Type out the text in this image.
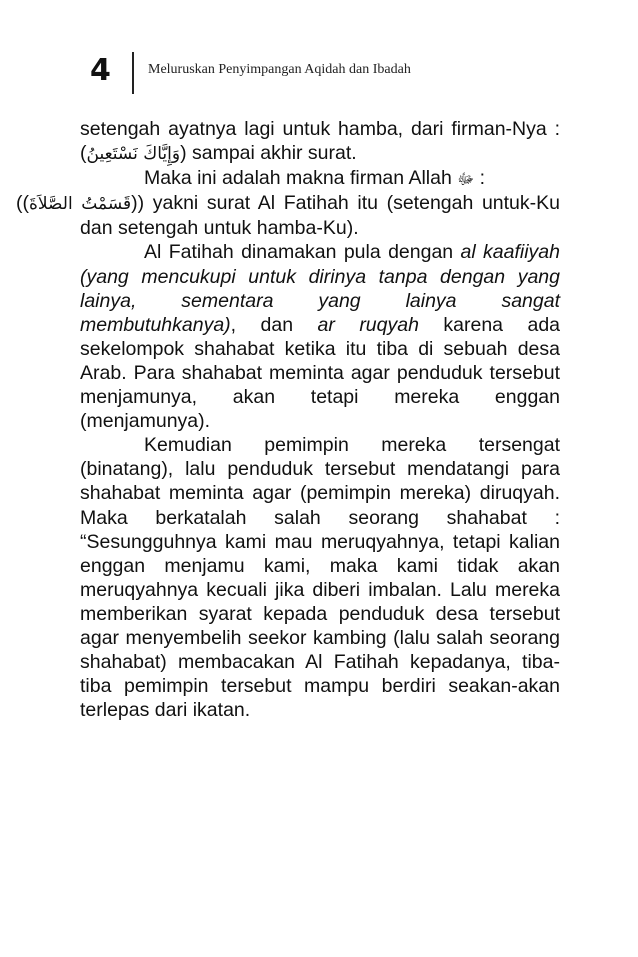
4	Meluruskan Penyimpangan Aqidah dan Ibadah

setengah ayatnya lagi untuk hamba, dari firman-Nya : (وَإِيَّاكَ نَسْتَعِينُ) sampai akhir surat.

Maka ini adalah makna firman Allah ﷻ :
((قَسَمْتُ الصَّلاَةَ)) yakni surat Al Fatihah itu (setengah untuk-Ku dan setengah untuk hamba-Ku).

Al Fatihah dinamakan pula dengan al kaafiiyah (yang mencukupi untuk dirinya tanpa dengan yang lainya, sementara yang lainya sangat membutuhkanya), dan ar ruqyah karena ada sekelompok shahabat ketika itu tiba di sebuah desa Arab. Para shahabat meminta agar penduduk tersebut menjamunya, akan tetapi mereka enggan (menjamunya).

Kemudian pemimpin mereka tersengat (binatang), lalu penduduk tersebut mendatangi para shahabat meminta agar (pemimpin mereka) diruqyah. Maka berkatalah salah seorang shahabat : “Sesungguhnya kami mau meruqyahnya, tetapi kalian enggan menjamu kami, maka kami tidak akan meruqyahnya kecuali jika diberi imbalan. Lalu mereka memberikan syarat kepada penduduk desa tersebut agar menyembelih seekor kambing (lalu salah seorang shahabat) membacakan Al Fatihah kepadanya, tiba-tiba pemimpin tersebut mampu berdiri seakan-akan terlepas dari ikatan.
